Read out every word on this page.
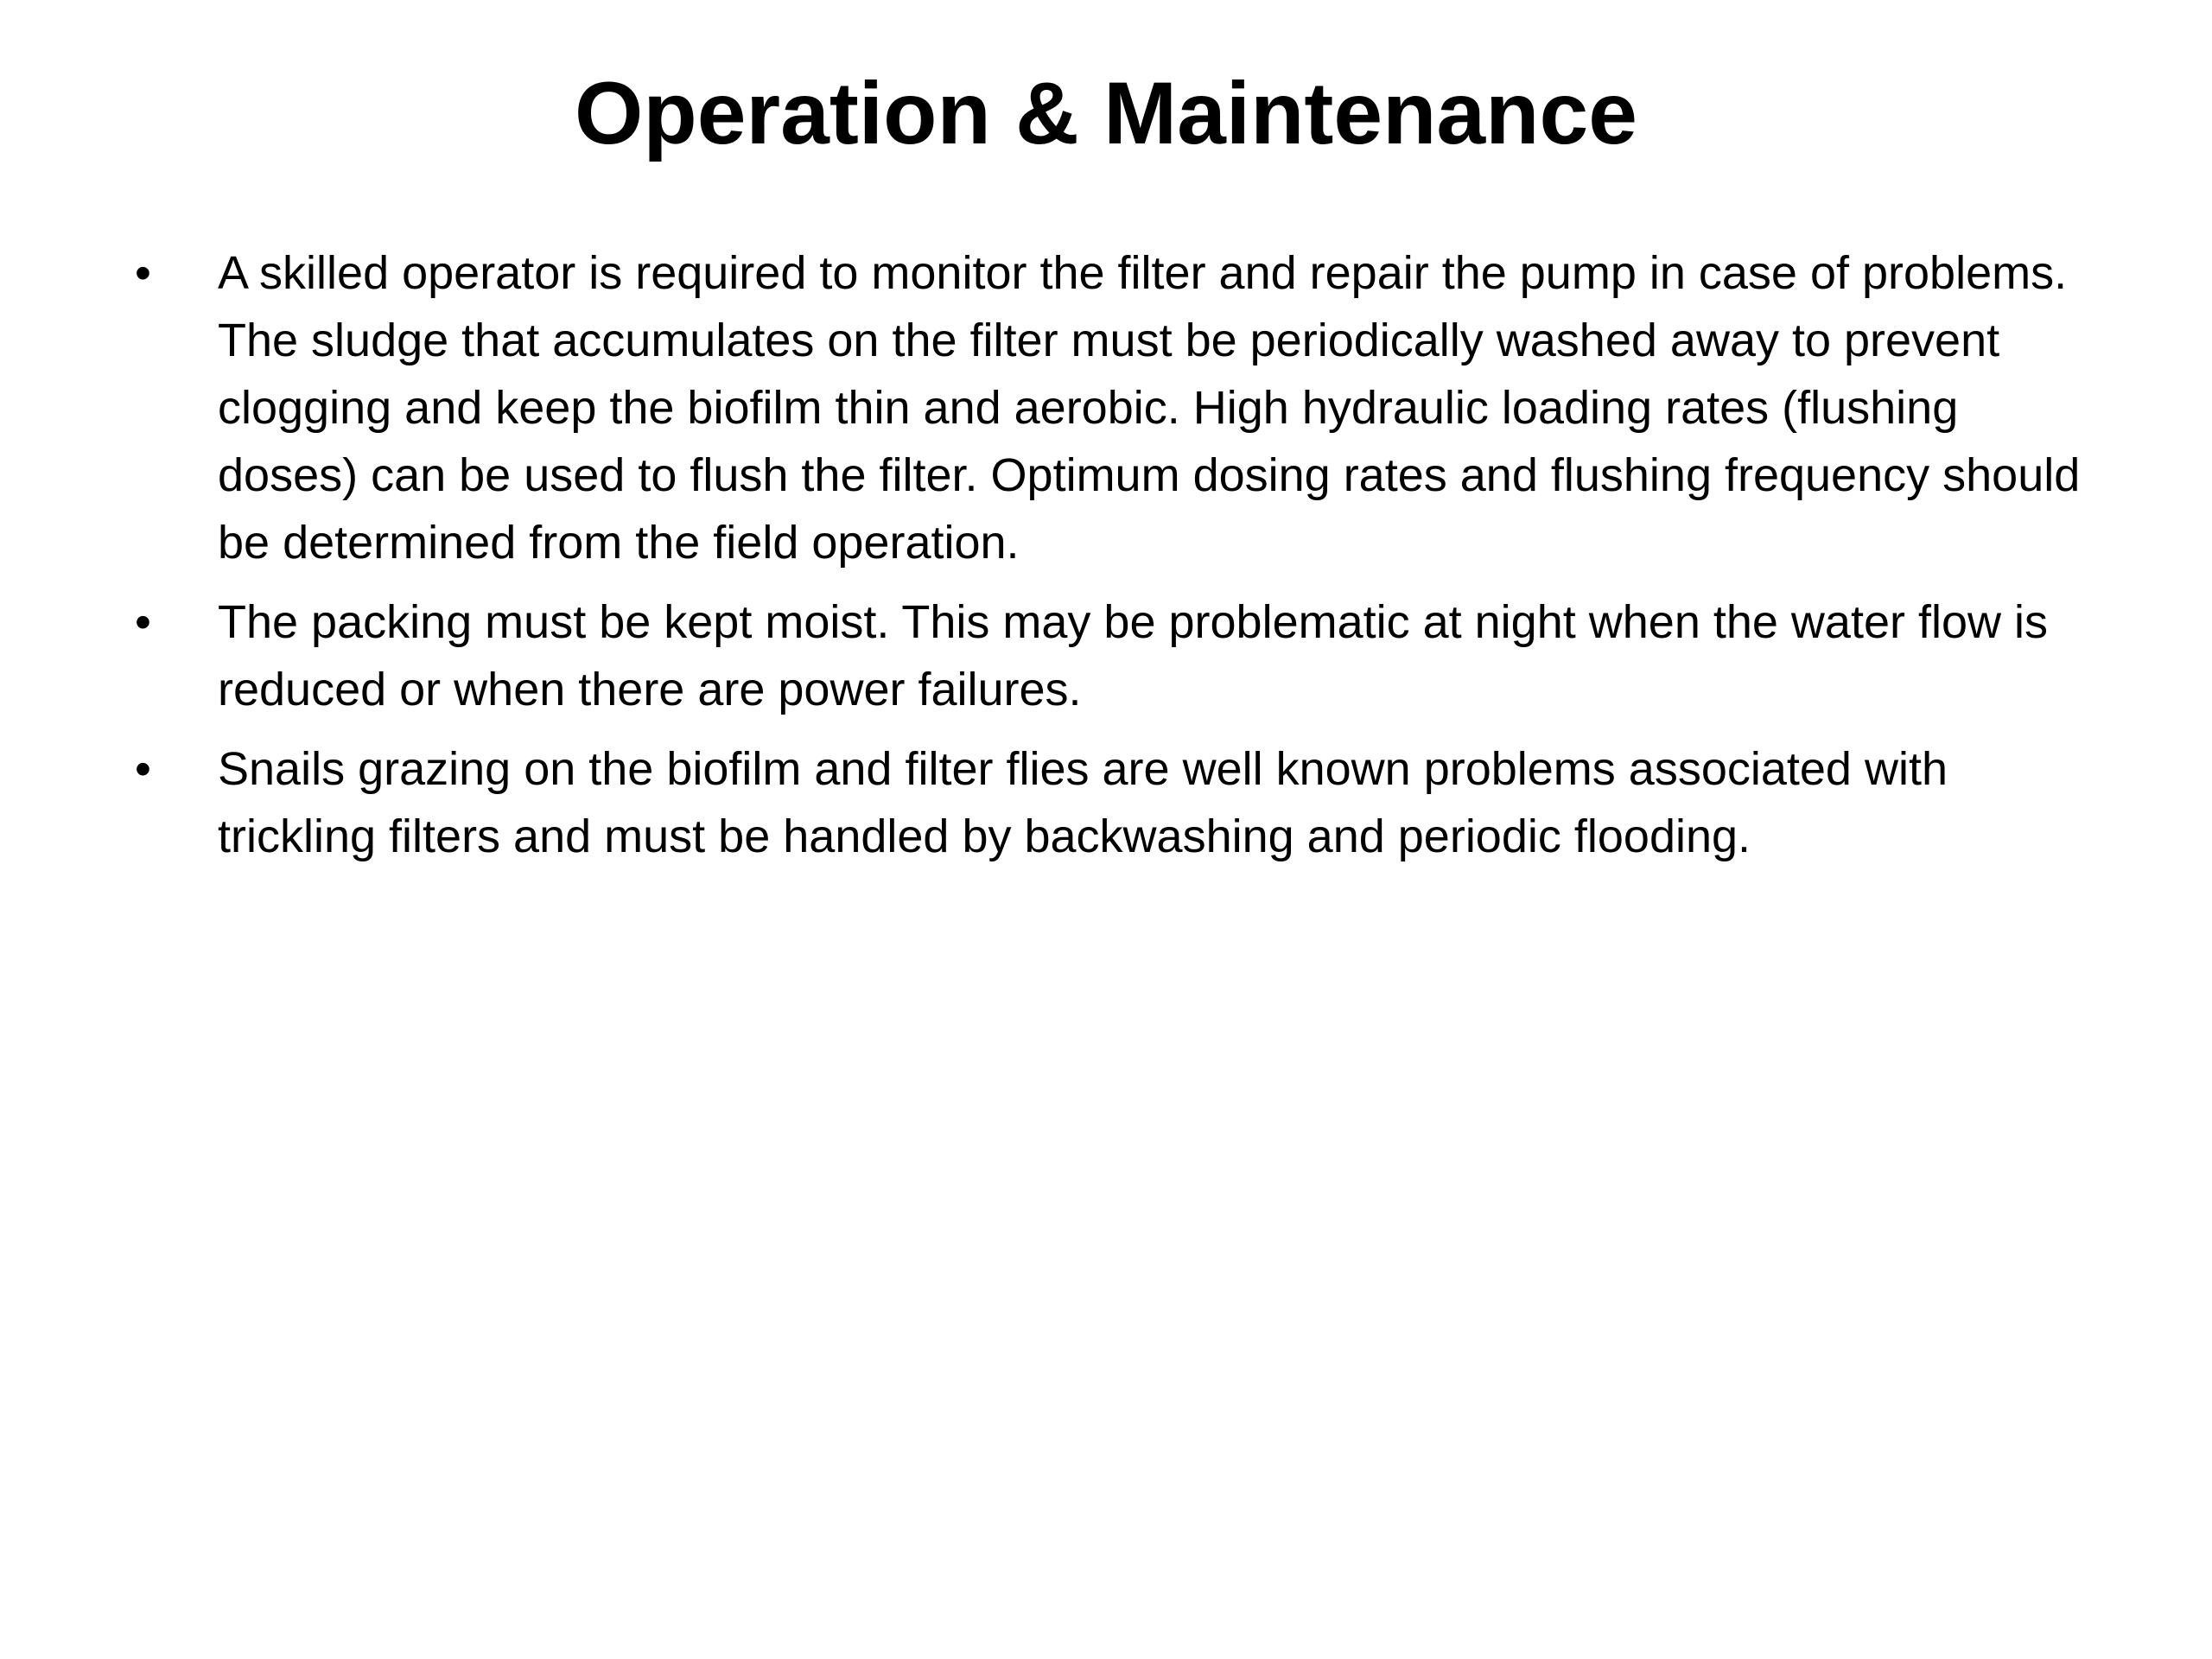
Operation & Maintenance
•	A skilled operator is required to monitor the filter and repair the pump in case of problems. The sludge that accumulates on the filter must be periodically washed away to prevent clogging and keep the biofilm thin and aerobic. High hydraulic loading rates (flushing doses) can be used to flush the filter. Optimum dosing rates and flushing frequency should be determined from the field operation.
•	The packing must be kept moist. This may be problematic at night when the water flow is reduced or when there are power failures.
•	Snails grazing on the biofilm and filter flies are well known problems associated with trickling filters and must be handled by backwashing and periodic flooding.
